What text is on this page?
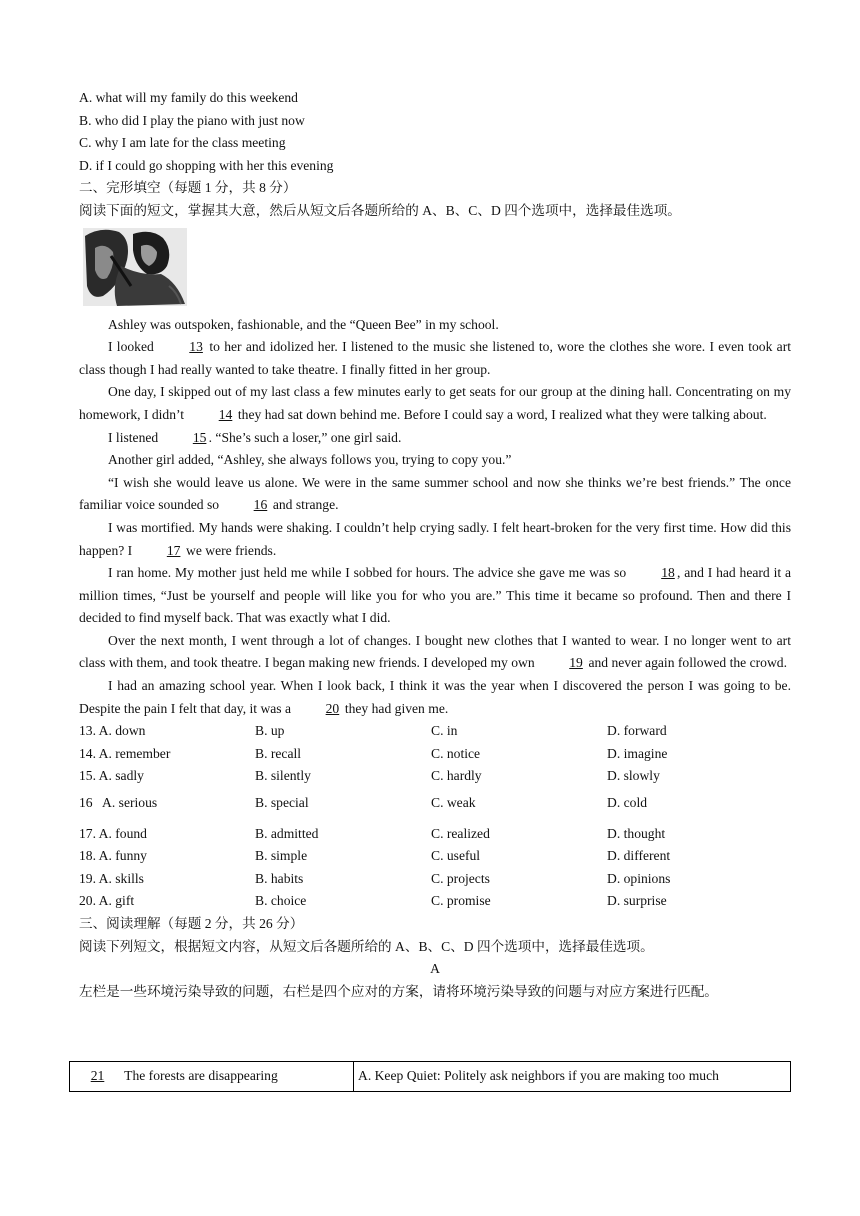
A. what will my family do this weekend
B. who did I play the piano with just now
C. why I am late for the class meeting
D. if I could go shopping with her this evening
二、完形填空（每题 1 分，共 8 分）
阅读下面的短文，掌握其大意，然后从短文后各题所给的 A、B、C、D 四个选项中，选择最佳选项。

Ashley was outspoken, fashionable, and the “Queen Bee” in my school.

I looked 13 to her and idolized her. I listened to the music she listened to, wore the clothes she wore. I even took art class though I had really wanted to take theatre. I finally fitted in her group.

One day, I skipped out of my last class a few minutes early to get seats for our group at the dining hall. Concentrating on my homework, I didn’t 14 they had sat down behind me. Before I could say a word, I realized what they were talking about.

I listened 15 . “She’s such a loser,” one girl said.

Another girl added, “Ashley, she always follows you, trying to copy you.”

“I wish she would leave us alone. We were in the same summer school and now she thinks we’re best friends.” The once familiar voice sounded so 16 and strange.

I was mortified. My hands were shaking. I couldn’t help crying sadly. I felt heart-broken for the very first time. How did this happen? I 17 we were friends.

I ran home. My mother just held me while I sobbed for hours. The advice she gave me was so 18 , and I had heard it a million times, “Just be yourself and people will like you for who you are.” This time it became so profound. Then and there I decided to find myself back. That was exactly what I did.

Over the next month, I went through a lot of changes. I bought new clothes that I wanted to wear. I no longer went to art class with them, and took theatre. I began making new friends. I developed my own 19 and never again followed the crowd.

I had an amazing school year. When I look back, I think it was the year when I discovered the person I was going to be. Despite the pain I felt that day, it was a 20 they had given me.

13. A. down	B. up	C. in	D. forward
14. A. remember	B. recall	C. notice	D. imagine
15. A. sadly	B. silently	C. hardly	D. slowly
16   A. serious	B. special	C. weak	D. cold
17. A. found	B. admitted	C. realized	D. thought
18. A. funny	B. simple	C. useful	D. different
19. A. skills	B. habits	C. projects	D. opinions
20. A. gift	B. choice	C. promise	D. surprise
三、阅读理解（每题 2 分，共 26 分）
阅读下列短文，根据短文内容，从短文后各题所给的 A、B、C、D 四个选项中，选择最佳选项。
A
左栏是一些环境污染导致的问题，右栏是四个应对的方案，请将环境污染导致的问题与对应方案进行匹配。
21 The forests are disappearing	A. Keep Quiet: Politely ask neighbors if you are making too much
